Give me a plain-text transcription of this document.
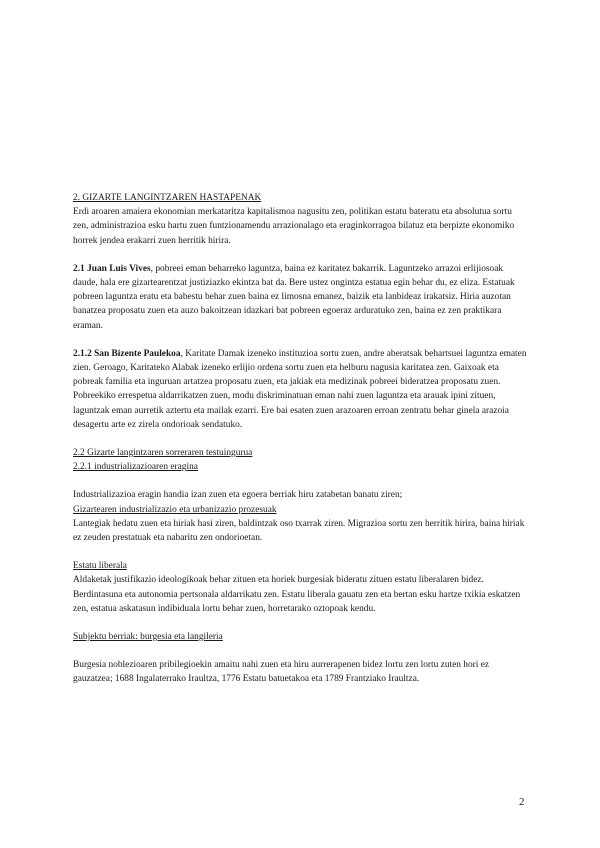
2. GIZARTE LANGINTZAREN HASTAPENAK

Erdi aroaren amaiera ekonomian merkataritza kapitalismoa nagusitu zen, politikan estatu bateratu eta absolutua sortu zen, administrazioa esku hartu zuen funtzionamendu arrazionalago eta eraginkorragoa bilatuz eta berpizte ekonomiko horrek jendea erakarri zuen herritik hirira.

2.1 Juan Luis Vives, pobreei eman beharreko laguntza, baina ez karitatez bakarrik. Laguntzeko arrazoi erlijiosoak daude, hala ere gizartearentzat justiziazko ekintza bat da. Bere ustez ongintza estatua egin behar du, ez eliza. Estatuak pobreen laguntza eratu eta babestu behar zuen baina ez limosna emanez, baizik eta lanbideaz irakatsiz. Hiria auzotan banatzea proposatu zuen eta auzo bakoitzean idazkari bat pobreen egoeraz arduratuko zen, baina ez zen praktikara eraman.

2.1.2 San Bizente Paulekoa, Karitate Damak izeneko instituzioa sortu zuen, andre aberatsak behartsuei laguntza ematen zien. Geroago, Karitateko Alabak izeneko erlijio ordena sortu zuen eta helburu nagusia karitatea zen. Gaixoak eta pobreak familia eta inguruan artatzea proposatu zuen, eta jakiak eta medizinak pobreei bideratzea proposatu zuen. Pobreekiko errespetua aldarrikatzen zuen, modu diskriminatuan eman nahi zuen laguntza eta arauak ipini zituen, laguntzak eman aurretik aztertu eta mailak ezarri. Ere bai esaten zuen arazoaren erroan zentratu behar ginela arazoia desagertu arte ez zirela ondorioak sendatuko.

2.2 Gizarte langintzaren sorreraren testuingurua

2.2.1 industrializazioaren eragina

Industrializazioa eragin handia izan zuen eta egoera berriak hiru zatabetan banatu ziren;

Gizartearen industrializazio eta urbanizazio prozesuak

Lantegiak hedatu zuen eta hiriak hasi ziren, baldintzak oso txarrak ziren. Migrazioa sortu zen herritik hirira, baina hiriak ez zeuden prestatuak eta nabaritu zen ondorioetan.

Estatu liberala

Aldaketak justifikazio ideologikoak behar zituen eta horiek burgesiak bideratu zituen estatu liberalaren bidez. Berdintasuna eta autonomia pertsonala aldarrikatu zen. Estatu liberala gauatu zen eta bertan esku hartze txikia eskatzen zen, estatua askatasun indibiduala lortu behar zuen, horretarako oztopoak kendu.

Subjektu berriak: burgesia eta langileria

Burgesia noblezioaren pribilegioekin amaitu nahi zuen eta hiru aurrerapenen bidez lortu zen lortu zuten hori ez gauzatzea; 1688 Ingalaterrako Iraultza, 1776 Estatu batuetakoa eta 1789 Frantziako Iraultza.

2
